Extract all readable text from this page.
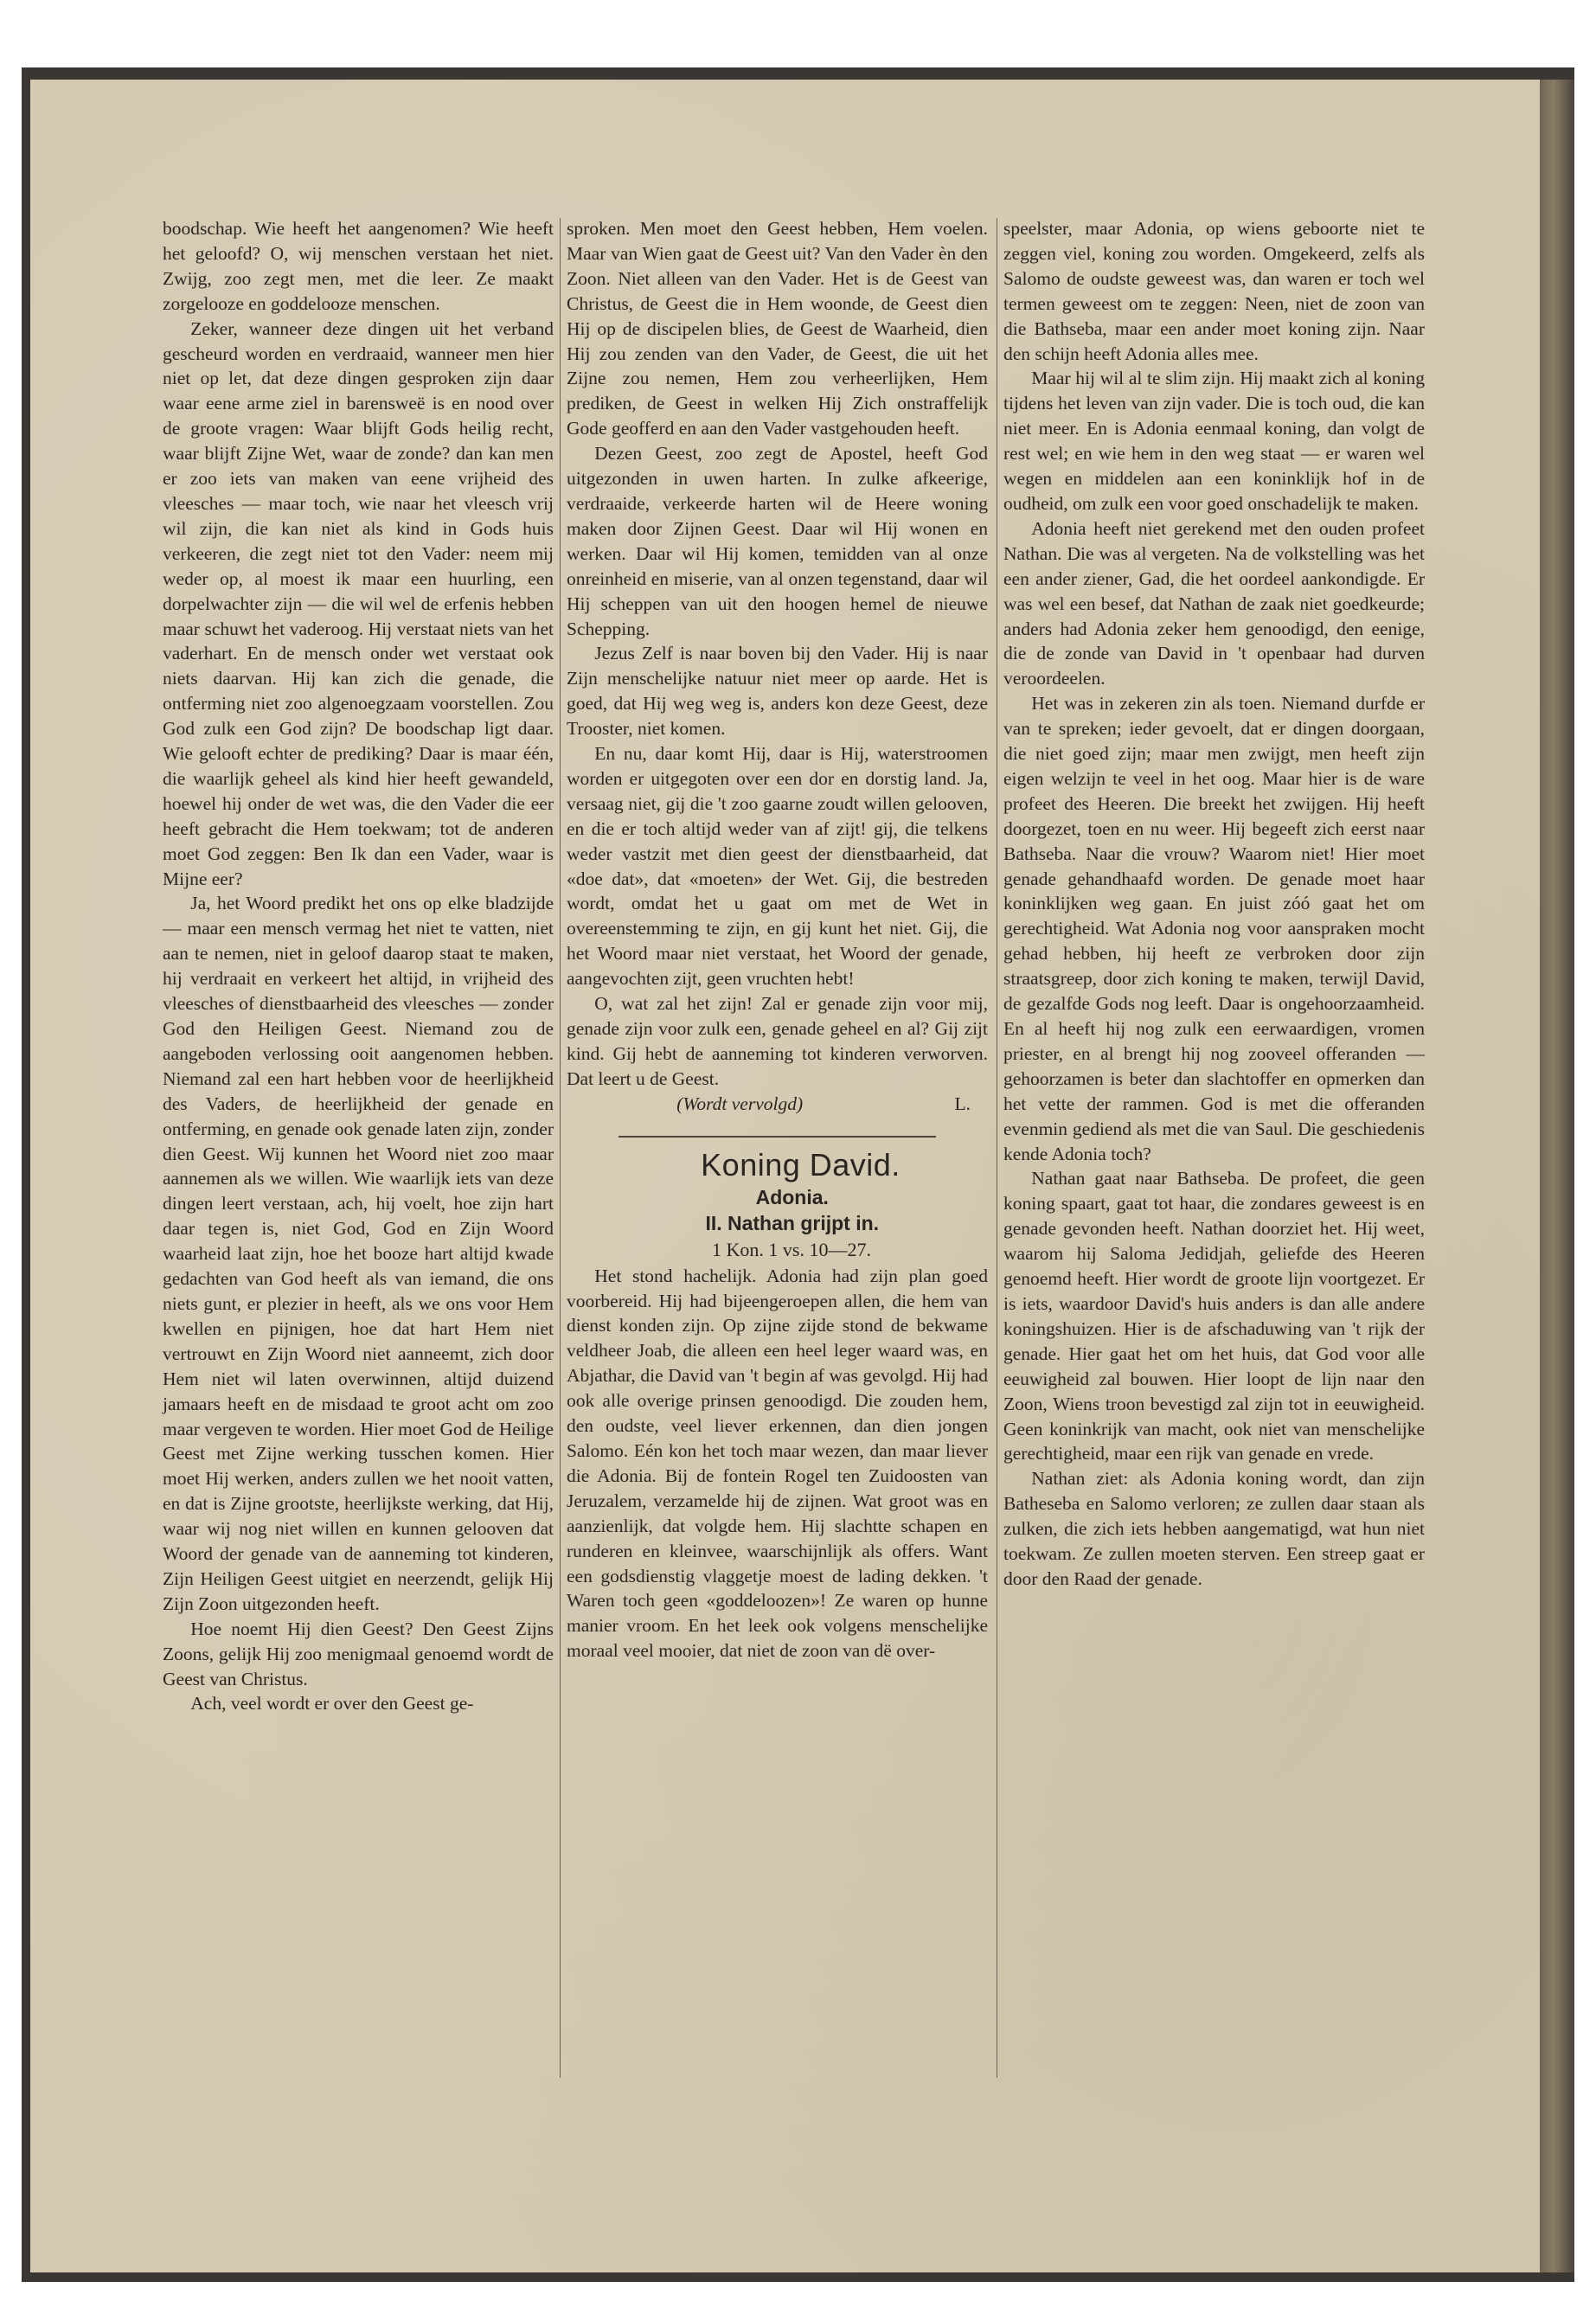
boodschap. Wie heeft het aangenomen? Wie heeft het geloofd? O, wij menschen verstaan het niet. Zwijg, zoo zegt men, met die leer. Ze maakt zorgelooze en goddelooze menschen.

Zeker, wanneer deze dingen uit het verband gescheurd worden en verdraaid, wanneer men hier niet op let, dat deze dingen gesproken zijn daar waar eene arme ziel in barensweë is en nood over de groote vragen: Waar blijft Gods heilig recht, waar blijft Zijne Wet, waar de zonde? dan kan men er zoo iets van maken van eene vrijheid des vleesches — maar toch, wie naar het vleesch vrij wil zijn, die kan niet als kind in Gods huis verkeeren, die zegt niet tot den Vader: neem mij weder op, al moest ik maar een huurling, een dorpelwachter zijn — die wil wel de erfenis hebben maar schuwt het vaderoog. Hij verstaat niets van het vaderhart. En de mensch onder wet verstaat ook niets daarvan. Hij kan zich die genade, die ontferming niet zoo algenoegzaam voorstellen. Zou God zulk een God zijn? De boodschap ligt daar. Wie gelooft echter de prediking? Daar is maar één, die waarlijk geheel als kind hier heeft gewandeld, hoewel hij onder de wet was, die den Vader die eer heeft gebracht die Hem toekwam; tot de anderen moet God zeggen: Ben Ik dan een Vader, waar is Mijne eer?

Ja, het Woord predikt het ons op elke bladzijde — maar een mensch vermag het niet te vatten, niet aan te nemen, niet in geloof daarop staat te maken, hij verdraait en verkeert het altijd, in vrijheid des vleesches of dienstbaarheid des vleesches — zonder God den Heiligen Geest. Niemand zou de aangeboden verlossing ooit aangenomen hebben. Niemand zal een hart hebben voor de heerlijkheid des Vaders, de heerlijkheid der genade en ontferming, en genade ook genade laten zijn, zonder dien Geest. Wij kunnen het Woord niet zoo maar aannemen als we willen. Wie waarlijk iets van deze dingen leert verstaan, ach, hij voelt, hoe zijn hart daar tegen is, niet God, God en Zijn Woord waarheid laat zijn, hoe het booze hart altijd kwade gedachten van God heeft als van iemand, die ons niets gunt, er plezier in heeft, als we ons voor Hem kwellen en pijnigen, hoe dat hart Hem niet vertrouwt en Zijn Woord niet aanneemt, zich door Hem niet wil laten overwinnen, altijd duizend jamaars heeft en de misdaad te groot acht om zoo maar vergeven te worden. Hier moet God de Heilige Geest met Zijne werking tusschen komen. Hier moet Hij werken, anders zullen we het nooit vatten, en dat is Zijne grootste, heerlijkste werking, dat Hij, waar wij nog niet willen en kunnen gelooven dat Woord der genade van de aanneming tot kinderen, Zijn Heiligen Geest uitgiet en neerzendt, gelijk Hij Zijn Zoon uitgezonden heeft.

Hoe noemt Hij dien Geest? Den Geest Zijns Zoons, gelijk Hij zoo menigmaal genoemd wordt de Geest van Christus.

Ach, veel wordt er over den Geest ge-

sproken. Men moet den Geest hebben, Hem voelen. Maar van Wien gaat de Geest uit? Van den Vader èn den Zoon. Niet alleen van den Vader. Het is de Geest van Christus, de Geest die in Hem woonde, de Geest dien Hij op de discipelen blies, de Geest de Waarheid, dien Hij zou zenden van den Vader, de Geest, die uit het Zijne zou nemen, Hem zou verheerlijken, Hem prediken, de Geest in welken Hij Zich onstraffelijk Gode geofferd en aan den Vader vastgehouden heeft.

Dezen Geest, zoo zegt de Apostel, heeft God uitgezonden in uwen harten. In zulke afkeerige, verdraaide, verkeerde harten wil de Heere woning maken door Zijnen Geest. Daar wil Hij wonen en werken. Daar wil Hij komen, temidden van al onze onreinheid en miserie, van al onzen tegenstand, daar wil Hij scheppen van uit den hoogen hemel de nieuwe Schepping.

Jezus Zelf is naar boven bij den Vader. Hij is naar Zijn menschelijke natuur niet meer op aarde. Het is goed, dat Hij weg weg is, anders kon deze Geest, deze Trooster, niet komen.

En nu, daar komt Hij, daar is Hij, waterstroomen worden er uitgegoten over een dor en dorstig land. Ja, versaag niet, gij die 't zoo gaarne zoudt willen gelooven, en die er toch altijd weder van af zijt! gij, die telkens weder vastzit met dien geest der dienstbaarheid, dat «doe dat», dat «moeten» der Wet. Gij, die bestreden wordt, omdat het u gaat om met de Wet in overeenstemming te zijn, en gij kunt het niet. Gij, die het Woord maar niet verstaat, het Woord der genade, aangevochten zijt, geen vruchten hebt!

O, wat zal het zijn! Zal er genade zijn voor mij, genade zijn voor zulk een, genade geheel en al? Gij zijt kind. Gij hebt de aanneming tot kinderen verworven. Dat leert u de Geest.

(Wordt vervolgd)	L.

Koning David.

Adonia.

II. Nathan grijpt in.

1 Kon. 1 vs. 10—27.

Het stond hachelijk. Adonia had zijn plan goed voorbereid. Hij had bijeengeroepen allen, die hem van dienst konden zijn. Op zijne zijde stond de bekwame veldheer Joab, die alleen een heel leger waard was, en Abjathar, die David van 't begin af was gevolgd. Hij had ook alle overige prinsen genoodigd. Die zouden hem, den oudste, veel liever erkennen, dan dien jongen Salomo. Eén kon het toch maar wezen, dan maar liever die Adonia. Bij de fontein Rogel ten Zuidoosten van Jeruzalem, verzamelde hij de zijnen. Wat groot was en aanzienlijk, dat volgde hem. Hij slachtte schapen en runderen en kleinvee, waarschijnlijk als offers. Want een godsdienstig vlaggetje moest de lading dekken. 't Waren toch geen «goddeloozen»! Ze waren op hunne manier vroom. En het leek ook volgens menschelijke moraal veel mooier, dat niet de zoon van dë over-

speelster, maar Adonia, op wiens geboorte niet te zeggen viel, koning zou worden. Omgekeerd, zelfs als Salomo de oudste geweest was, dan waren er toch wel termen geweest om te zeggen: Neen, niet de zoon van die Bathseba, maar een ander moet koning zijn. Naar den schijn heeft Adonia alles mee.

Maar hij wil al te slim zijn. Hij maakt zich al koning tijdens het leven van zijn vader. Die is toch oud, die kan niet meer. En is Adonia eenmaal koning, dan volgt de rest wel; en wie hem in den weg staat — er waren wel wegen en middelen aan een koninklijk hof in de oudheid, om zulk een voor goed onschadelijk te maken.

Adonia heeft niet gerekend met den ouden profeet Nathan. Die was al vergeten. Na de volkstelling was het een ander ziener, Gad, die het oordeel aankondigde. Er was wel een besef, dat Nathan de zaak niet goedkeurde; anders had Adonia zeker hem genoodigd, den eenige, die de zonde van David in 't openbaar had durven veroordeelen.

Het was in zekeren zin als toen. Niemand durfde er van te spreken; ieder gevoelt, dat er dingen doorgaan, die niet goed zijn; maar men zwijgt, men heeft zijn eigen welzijn te veel in het oog. Maar hier is de ware profeet des Heeren. Die breekt het zwijgen. Hij heeft doorgezet, toen en nu weer. Hij begeeft zich eerst naar Bathseba. Naar die vrouw? Waarom niet! Hier moet genade gehandhaafd worden. De genade moet haar koninklijken weg gaan. En juist zóó gaat het om gerechtigheid. Wat Adonia nog voor aanspraken mocht gehad hebben, hij heeft ze verbroken door zijn straatsgreep, door zich koning te maken, terwijl David, de gezalfde Gods nog leeft. Daar is ongehoorzaamheid. En al heeft hij nog zulk een eerwaardigen, vromen priester, en al brengt hij nog zooveel offeranden — gehoorzamen is beter dan slachtoffer en opmerken dan het vette der rammen. God is met die offeranden evenmin gediend als met die van Saul. Die geschiedenis kende Adonia toch?

Nathan gaat naar Bathseba. De profeet, die geen koning spaart, gaat tot haar, die zondares geweest is en genade gevonden heeft. Nathan doorziet het. Hij weet, waarom hij Saloma Jedidjah, geliefde des Heeren genoemd heeft. Hier wordt de groote lijn voortgezet. Er is iets, waardoor David's huis anders is dan alle andere koningshuizen. Hier is de afschaduwing van 't rijk der genade. Hier gaat het om het huis, dat God voor alle eeuwigheid zal bouwen. Hier loopt de lijn naar den Zoon, Wiens troon bevestigd zal zijn tot in eeuwigheid. Geen koninkrijk van macht, ook niet van menschelijke gerechtigheid, maar een rijk van genade en vrede.

Nathan ziet: als Adonia koning wordt, dan zijn Batheseba en Salomo verloren; ze zullen daar staan als zulken, die zich iets hebben aangematigd, wat hun niet toekwam. Ze zullen moeten sterven. Een streep gaat er door den Raad der genade.
